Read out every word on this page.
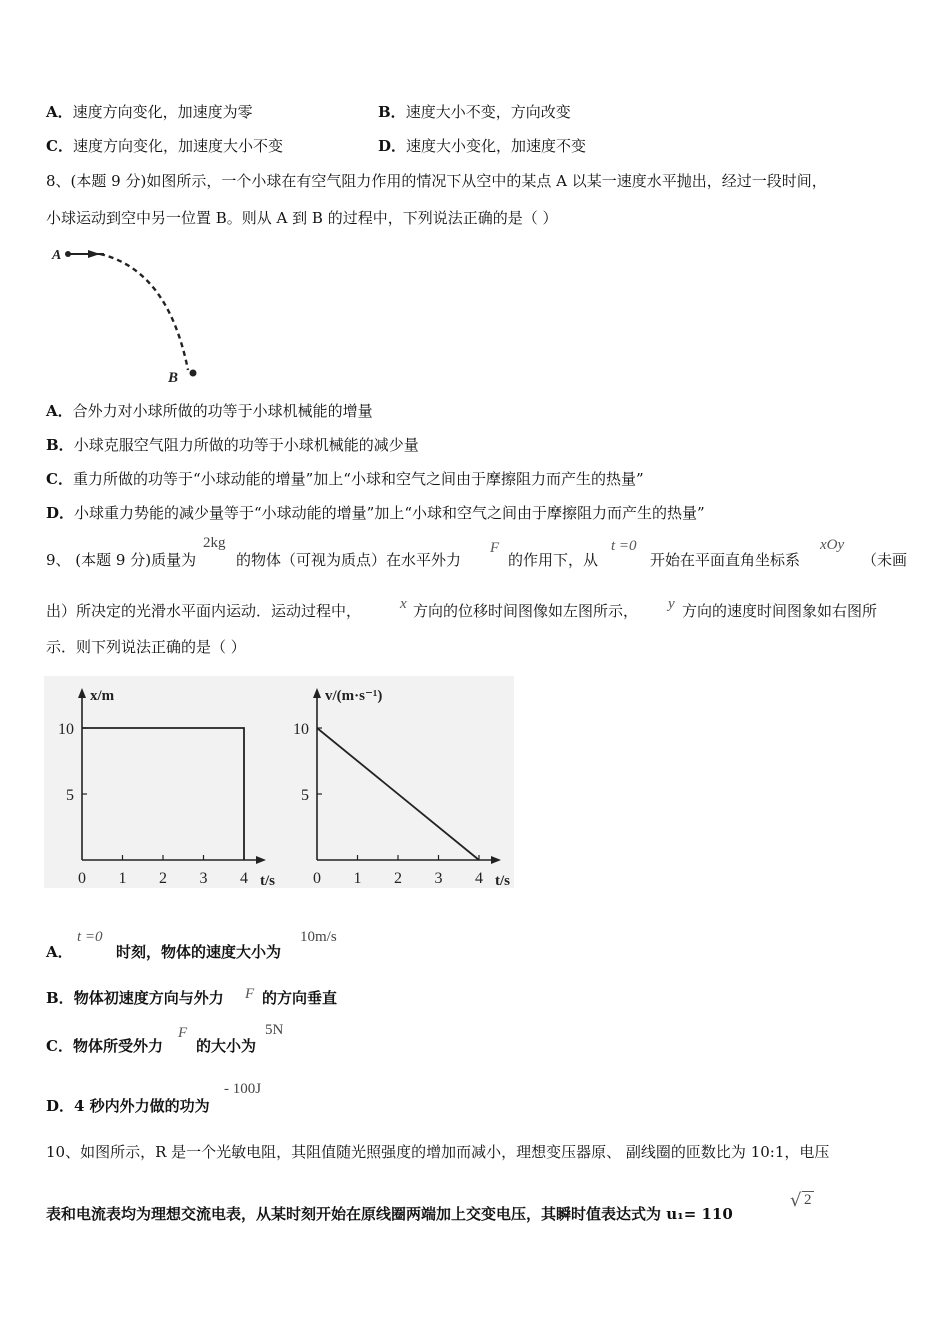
A．速度方向变化，加速度为零	B．速度大小不变，方向改变
C．速度方向变化，加速度大小不变	D．速度大小变化，加速度不变
8、(本题 9 分)如图所示，一个小球在有空气阻力作用的情况下从空中的某点 A 以某一速度水平抛出，经过一段时间，
小球运动到空中另一位置 B。则从 A 到 B 的过程中，下列说法正确的是（ ）
A
B
A．合外力对小球所做的功等于小球机械能的增量
B．小球克服空气阻力所做的功等于小球机械能的减少量
C．重力所做的功等于“小球动能的增量”加上“小球和空气之间由于摩擦阻力而产生的热量”
D．小球重力势能的减少量等于“小球动能的增量”加上“小球和空气之间由于摩擦阻力而产生的热量”
9、 (本题 9 分)质量为
2kg
的物体（可视为质点）在水平外力
F
的作用下，从
t =0
开始在平面直角坐标系
xOy
（未画
出）所决定的光滑水平面内运动．运动过程中，	x 方向的位移时间图像如左图所示， y 方向的速度时间图象如右图所
示．则下列说法正确的是（ ）
0 1 2 3 4
5
10
t/s
x/m
0 1 2 3 4
5
10
t/s
v/(m·s⁻¹)
A．
t =0
时刻，物体的速度大小为
10m/s
B．物体初速度方向与外力 F 的方向垂直
C．物体所受外力
F
的大小为
5N
D．4 秒内外力做的功为
- 100J
10、如图所示，R 是一个光敏电阻，其阻值随光照强度的增加而减小，理想变压器原、 副线圈的匝数比为 10:1，电压
表和电流表均为理想交流电表，从某时刻开始在原线圈两端加上交变电压，其瞬时值表达式为 u₁= 110
√ 2
